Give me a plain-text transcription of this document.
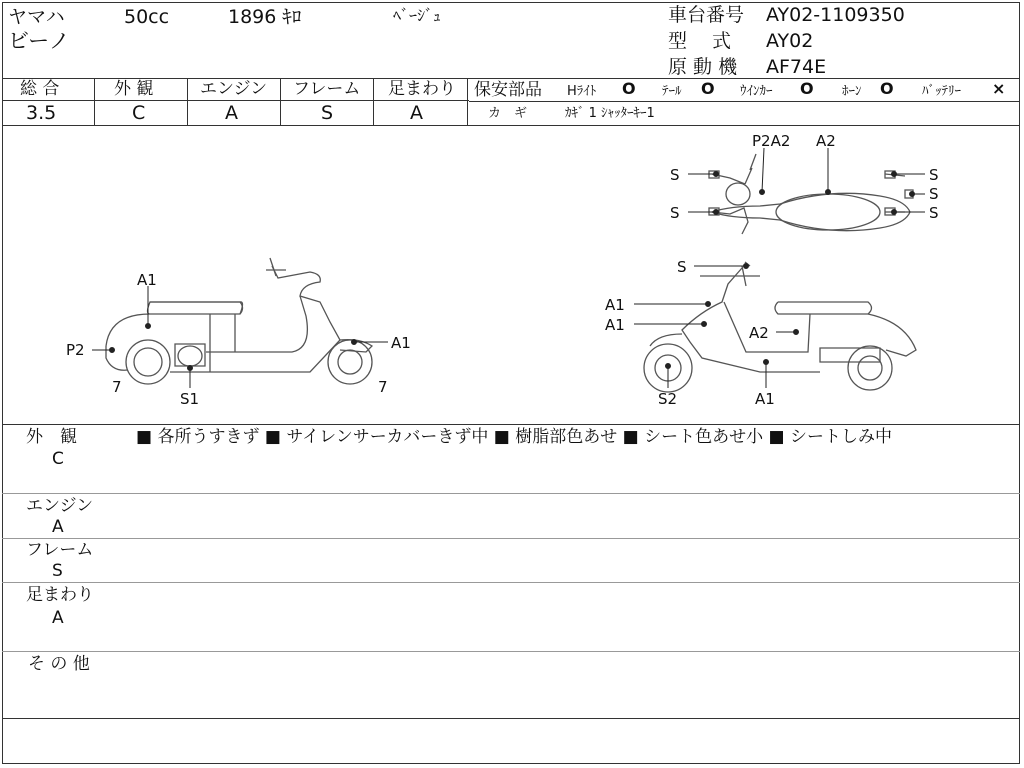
ヤマハ	50cc	1896 ｷﾛ	ﾍﾞｰｼﾞｭ
ビーノ
車台番号 AY02-1109350
型　 式 AY02
原 動 機 AF74E
総 合	外 観	エンジン フレーム 足まわり
3.5	C	A	S	A
保安部品 Hﾗｲﾄ O ﾃｰﾙ O ｳｲﾝｶｰ O ﾎｰﾝ O ﾊﾞｯﾃﾘｰ ×
カ　ギ	ｶｷﾞ 1 ｼｬｯﾀｰｷｰ1
P2A2 A2
S
S
S
S
S
A1
P2	A1
7
S1
7
S
A1
A1	A2
S2	A1
外　観
C
■ 各所うすきず ■ サイレンサーカバーきず中 ■ 樹脂部色あせ ■ シート色あせ小 ■ シートしみ中
エンジン
A
フレーム
S
足まわり
A
そ の 他
